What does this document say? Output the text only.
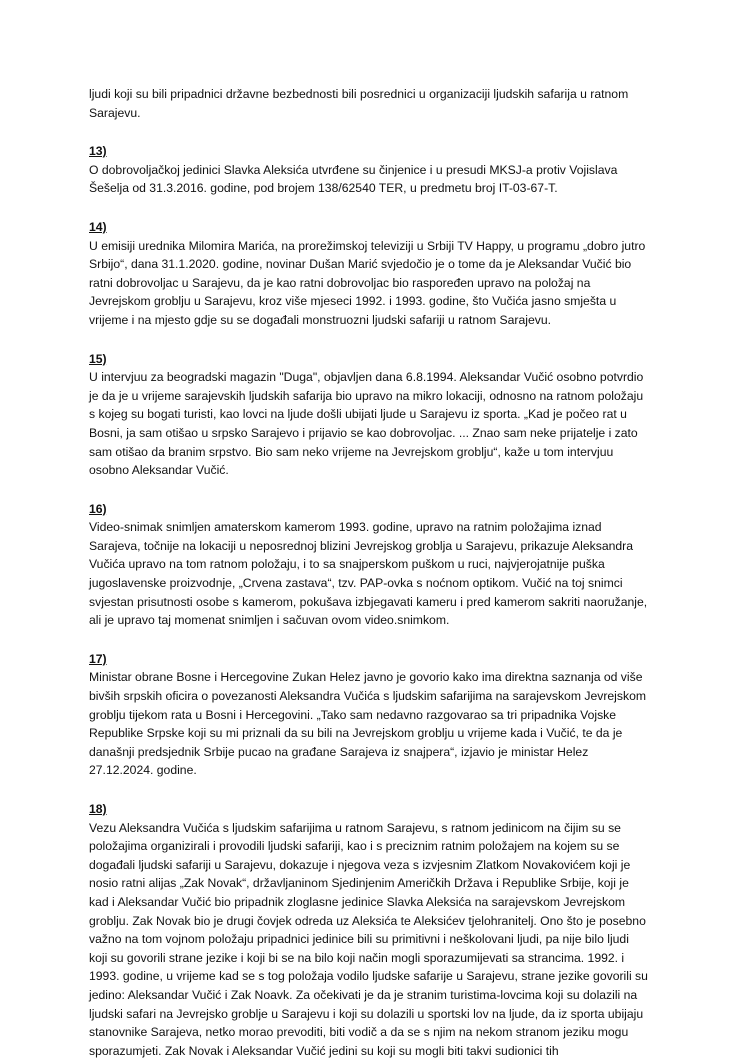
ljudi koji su bili pripadnici državne bezbednosti bili posrednici u organizaciji ljudskih safarija u ratnom Sarajevu.

13)

O dobrovoljačkoj jedinici Slavka Aleksića utvrđene su činjenice i u presudi MKSJ-a protiv Vojislava Šešelja od 31.3.2016. godine, pod brojem 138/62540 TER, u predmetu broj IT-03-67-T.

14)

U emisiji urednika Milomira Marića, na prorežimskoj televiziji u Srbiji TV Happy, u programu „dobro jutro Srbijo“, dana 31.1.2020. godine, novinar Dušan Marić svjedočio je o tome da je Aleksandar Vučić bio ratni dobrovoljac u Sarajevu, da je kao ratni dobrovoljac bio raspoređen upravo na položaj na Jevrejskom groblju u Sarajevu, kroz više mjeseci 1992. i 1993. godine, što Vučića jasno smješta u vrijeme i na mjesto gdje su se događali monstruozni ljudski safariji u ratnom Sarajevu.

15)

U intervjuu za beogradski magazin "Duga", objavljen dana 6.8.1994. Aleksandar Vučić osobno potvrdio je da je u vrijeme sarajevskih ljudskih safarija bio upravo na mikro lokaciji, odnosno na ratnom položaju s kojeg su bogati turisti, kao lovci na ljude došli ubijati ljude u Sarajevu iz sporta. „Kad je počeo rat u Bosni, ja sam otišao u srpsko Sarajevo i prijavio se kao dobrovoljac. ... Znao sam neke prijatelje i zato sam otišao da branim srpstvo. Bio sam neko vrijeme na Jevrejskom groblju“, kaže u tom intervjuu osobno Aleksandar Vučić.

16)

Video-snimak snimljen amaterskom kamerom 1993. godine, upravo na ratnim položajima iznad Sarajeva, točnije na lokaciji u neposrednoj blizini Jevrejskog groblja u Sarajevu, prikazuje Aleksandra Vučića upravo na tom ratnom položaju, i to sa snajperskom puškom u ruci, najvjerojatnije puška jugoslavenske proizvodnje, „Crvena zastava“, tzv. PAP-ovka s noćnom optikom. Vučić na toj snimci svjestan prisutnosti osobe s kamerom, pokušava izbjegavati kameru i pred kamerom sakriti naoružanje, ali je upravo taj momenat snimljen i sačuvan ovom video.snimkom.

17)

Ministar obrane Bosne i Hercegovine Zukan Helez javno je govorio kako ima direktna saznanja od više bivših srpskih oficira o povezanosti Aleksandra Vučića s ljudskim safarijima na sarajevskom Jevrejskom groblju tijekom rata u Bosni i Hercegovini. „Tako sam nedavno razgovarao sa tri pripadnika Vojske Republike Srpske koji su mi priznali da su bili na Jevrejskom groblju u vrijeme kada i Vučić, te da je današnji predsjednik Srbije pucao na građane Sarajeva iz snajpera“, izjavio je ministar Helez 27.12.2024. godine.

18)

Vezu Aleksandra Vučića s ljudskim safarijima u ratnom Sarajevu, s ratnom jedinicom na čijim su se položajima organizirali i provodili ljudski safariji, kao i s preciznim ratnim položajem na kojem su se događali ljudski safariji u Sarajevu, dokazuje i njegova veza s izvjesnim Zlatkom Novakovićem koji je nosio ratni alijas „Zak Novak“, državljaninom Sjedinjenim Američkih Država i Republike Srbije, koji je kad i Aleksandar Vučić bio pripadnik zloglasne jedinice Slavka Aleksića na sarajevskom Jevrejskom groblju. Zak Novak bio je drugi čovjek odreda uz Aleksića te Aleksićev tjelohranitelj. Ono što je posebno važno na tom vojnom položaju pripadnici jedinice bili su primitivni i neškolovani ljudi, pa nije bilo ljudi koji su govorili strane jezike i koji bi se na bilo koji način mogli sporazumijevati sa strancima. 1992. i 1993. godine, u vrijeme kad se s tog položaja vodilo ljudske safarije u Sarajevu, strane jezike govorili su jedino: Aleksandar Vučić i Zak Noavk. Za očekivati je da je stranim turistima-lovcima koji su dolazili na ljudski safari na Jevrejsko groblje u Sarajevu i koji su dolazili u sportski lov na ljude, da iz sporta ubijaju stanovnike Sarajeva, netko morao prevoditi, biti vodič a da se s njim na nekom stranom jeziku mogu sporazumjeti. Zak Novak i Aleksandar Vučić jedini su koji su mogli biti takvi sudionici tih
